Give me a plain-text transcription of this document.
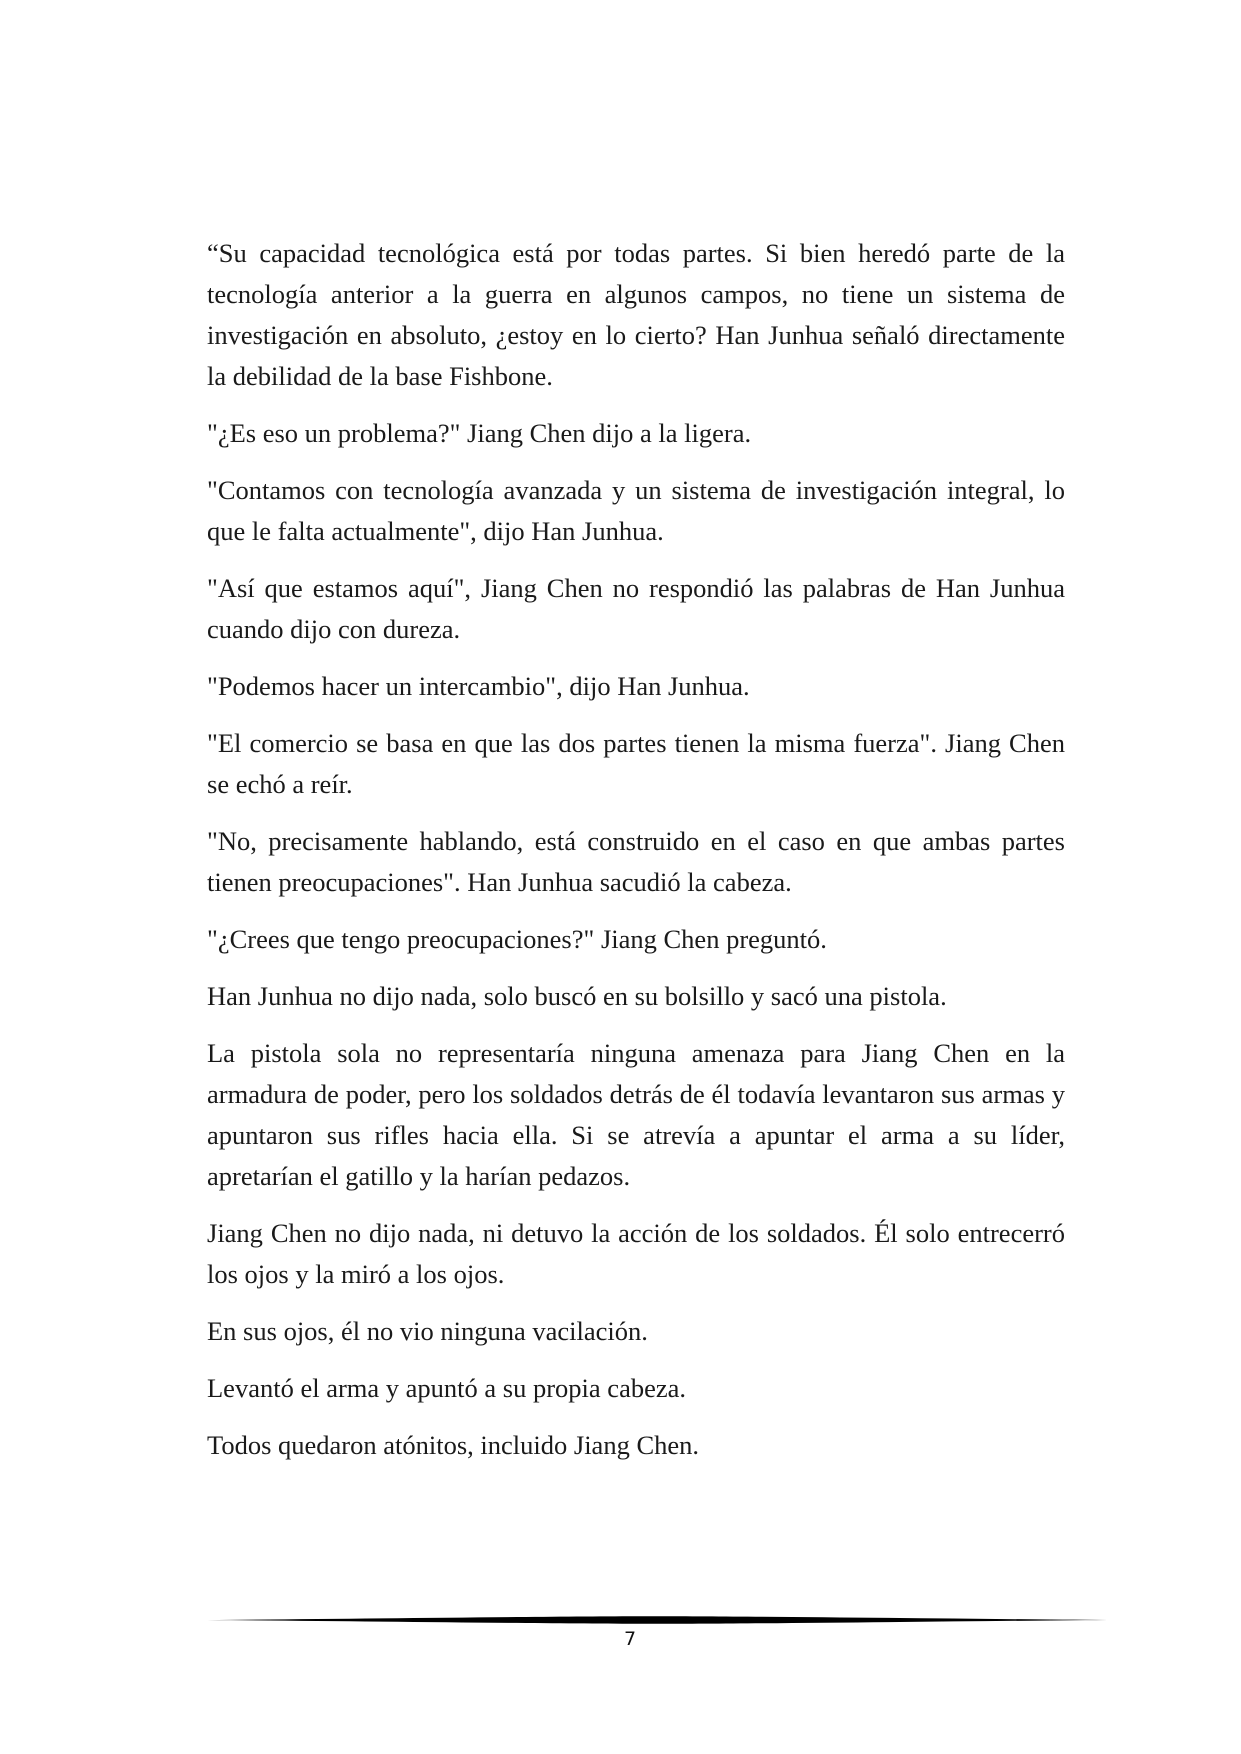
“Su capacidad tecnológica está por todas partes. Si bien heredó parte de la tecnología anterior a la guerra en algunos campos, no tiene un sistema de investigación en absoluto, ¿estoy en lo cierto? Han Junhua señaló directamente la debilidad de la base Fishbone.

"¿Es eso un problema?" Jiang Chen dijo a la ligera.

"Contamos con tecnología avanzada y un sistema de investigación integral, lo que le falta actualmente", dijo Han Junhua.

"Así que estamos aquí", Jiang Chen no respondió las palabras de Han Junhua cuando dijo con dureza.

"Podemos hacer un intercambio", dijo Han Junhua.

"El comercio se basa en que las dos partes tienen la misma fuerza". Jiang Chen se echó a reír.

"No, precisamente hablando, está construido en el caso en que ambas partes tienen preocupaciones". Han Junhua sacudió la cabeza.

"¿Crees que tengo preocupaciones?" Jiang Chen preguntó.

Han Junhua no dijo nada, solo buscó en su bolsillo y sacó una pistola.

La pistola sola no representaría ninguna amenaza para Jiang Chen en la armadura de poder, pero los soldados detrás de él todavía levantaron sus armas y apuntaron sus rifles hacia ella. Si se atrevía a apuntar el arma a su líder, apretarían el gatillo y la harían pedazos.

Jiang Chen no dijo nada, ni detuvo la acción de los soldados. Él solo entrecerró los ojos y la miró a los ojos.

En sus ojos, él no vio ninguna vacilación.

Levantó el arma y apuntó a su propia cabeza.

Todos quedaron atónitos, incluido Jiang Chen.

7
